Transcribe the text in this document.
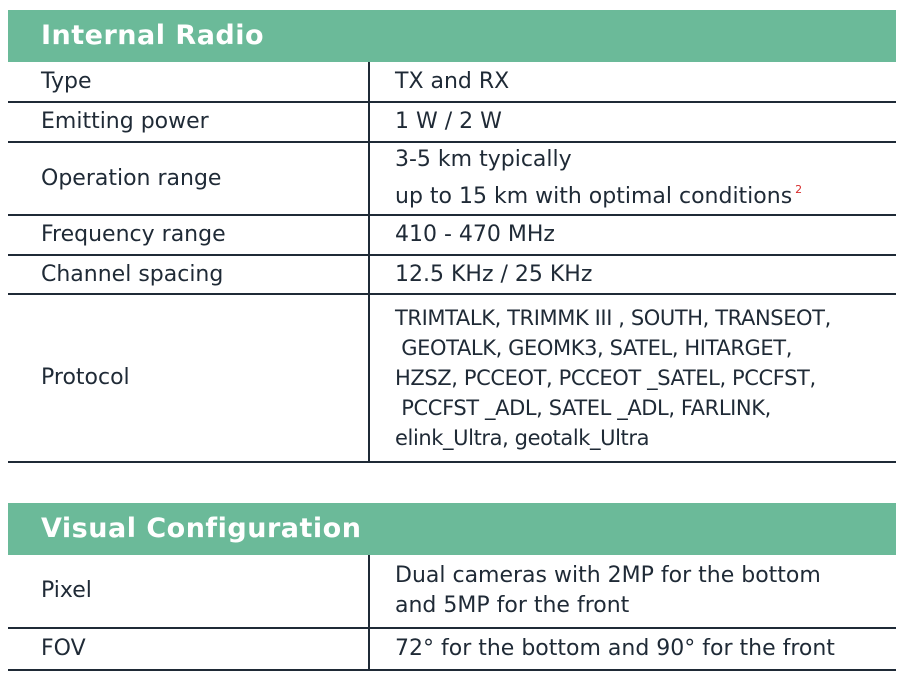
Internal Radio
Type	TX and RX

Emitting power	1 W / 2 W

Operation range	3-5 km typically
up to 15 km with optimal conditions $^2$

Frequency range	410 - 470 MHz

Channel spacing	12.5 KHz / 25 KHz

Protocol	TRIMTALK, TRIMMK III , SOUTH, TRANSEOT,
GEOTALK, GEOMK3, SATEL, HITARGET,
HZSZ, PCCEOT, PCCEOT _SATEL, PCCFST,
PCCFST _ADL, SATEL _ADL, FARLINK,
elink_Ultra, geotalk_Ultra
Visual Configuration
Pixel	Dual cameras with 2MP for the bottom
and 5MP for the front

FOV	72° for the bottom and 90° for the front
